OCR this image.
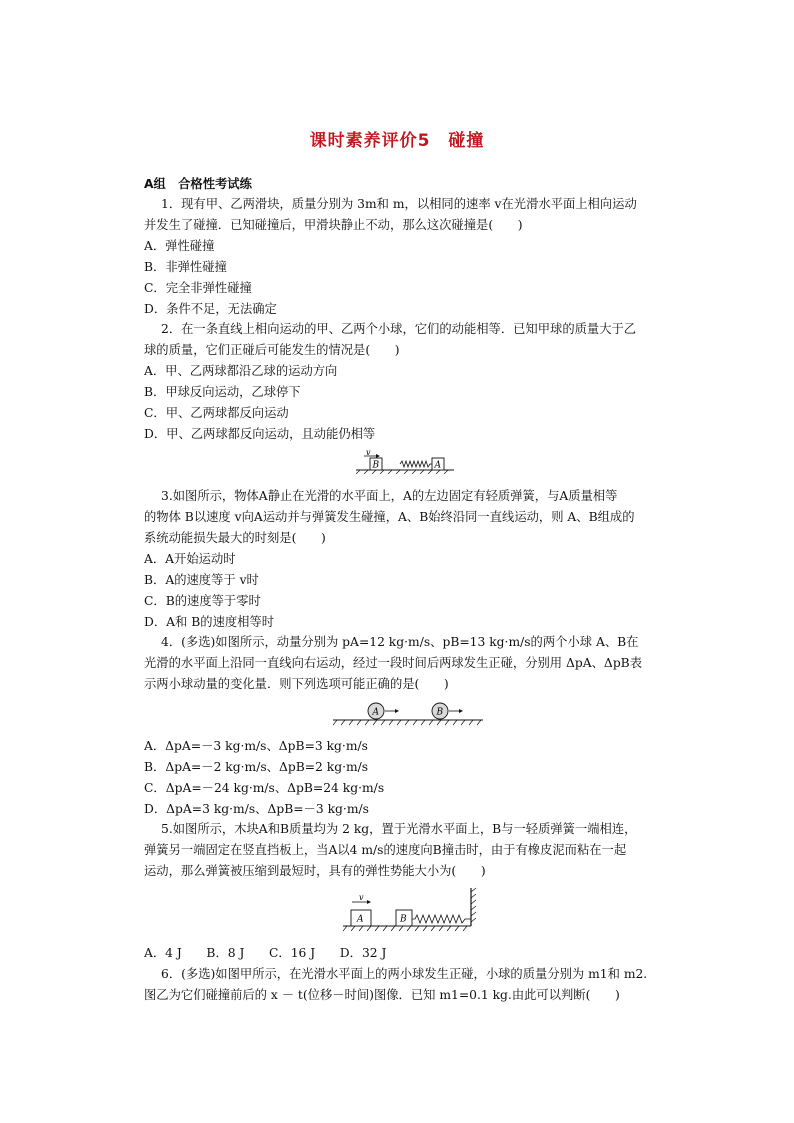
课时素养评价5　碰撞
A组　合格性考试练
1．现有甲、乙两滑块，质量分别为 3m和 m，以相同的速率 v在光滑水平面上相向运动
并发生了碰撞．已知碰撞后，甲滑块静止不动，那么这次碰撞是(　　)
A．弹性碰撞
B．非弹性碰撞
C．完全非弹性碰撞
D．条件不足，无法确定
2．在一条直线上相向运动的甲、乙两个小球，它们的动能相等．已知甲球的质量大于乙
球的质量，它们正碰后可能发生的情况是(　　)
A．甲、乙两球都沿乙球的运动方向
B．甲球反向运动，乙球停下
C．甲、乙两球都反向运动
D．甲、乙两球都反向运动，且动能仍相等
v
B	A
3.如图所示，物体A静止在光滑的水平面上，A的左边固定有轻质弹簧，与A质量相等
的物体 B以速度 v向A运动并与弹簧发生碰撞，A、B始终沿同一直线运动，则 A、B组成的
系统动能损失最大的时刻是(　　)
A．A开始运动时
B．A的速度等于 v时
C．B的速度等于零时
D．A和 B的速度相等时
4．(多选)如图所示，动量分别为 pA=12 kg·m/s、pB=13 kg·m/s的两个小球 A、B在
光滑的水平面上沿同一直线向右运动，经过一段时间后两球发生正碰，分别用 ΔpA、ΔpB表
示两小球动量的变化量．则下列选项可能正确的是(　　)
A	B
A．ΔpA=－3 kg·m/s、ΔpB=3 kg·m/s
B．ΔpA=－2 kg·m/s、ΔpB=2 kg·m/s
C．ΔpA=－24 kg·m/s、ΔpB=24 kg·m/s
D．ΔpA=3 kg·m/s、ΔpB=－3 kg·m/s
5.如图所示，木块A和B质量均为 2 kg，置于光滑水平面上，B与一轻质弹簧一端相连，
弹簧另一端固定在竖直挡板上，当A以4 m/s的速度向B撞击时，由于有橡皮泥而粘在一起
运动，那么弹簧被压缩到最短时，具有的弹性势能大小为(　　)
v
A	B
A．4 J　　B．8 J　　C．16 J　　D．32 J
6．(多选)如图甲所示，在光滑水平面上的两小球发生正碰，小球的质量分别为 m1和 m2.
图乙为它们碰撞前后的 x － t(位移－时间)图像．已知 m1=0.1 kg.由此可以判断(　　)
